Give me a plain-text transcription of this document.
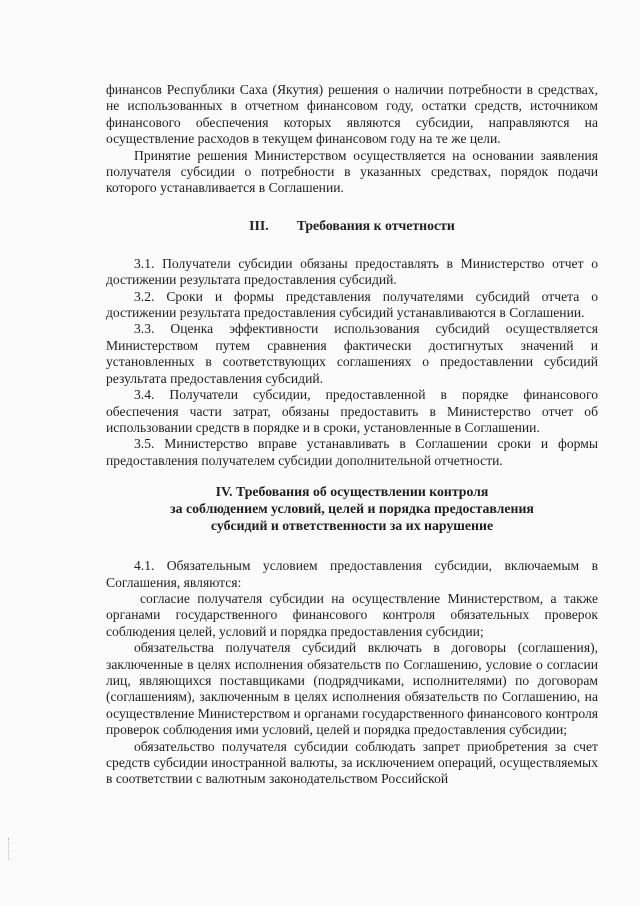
финансов Республики Саха (Якутия) решения о наличии потребности в средствах, не использованных в отчетном финансовом году, остатки средств, источником финансового обеспечения которых являются субсидии, направляются на осуществление расходов в текущем финансовом году на те же цели.

Принятие решения Министерством осуществляется на основании заявления получателя субсидии о потребности в указанных средствах, порядок подачи которого устанавливается в Соглашении.

III. Требования к отчетности

3.1. Получатели субсидии обязаны предоставлять в Министерство отчет о достижении результата предоставления субсидий.

3.2. Сроки и формы представления получателями субсидий отчета о достижении результата предоставления субсидий устанавливаются в Соглашении.

3.3. Оценка эффективности использования субсидий осуществляется Министерством путем сравнения фактически достигнутых значений и установленных в соответствующих соглашениях о предоставлении субсидий результата предоставления субсидий.

3.4. Получатели субсидии, предоставленной в порядке финансового обеспечения части затрат, обязаны предоставить в Министерство отчет об использовании средств в порядке и в сроки, установленные в Соглашении.

3.5. Министерство вправе устанавливать в Соглашении сроки и формы предоставления получателем субсидии дополнительной отчетности.

IV. Требования об осуществлении контроля

за соблюдением условий, целей и порядка предоставления

субсидий и ответственности за их нарушение

4.1. Обязательным условием предоставления субсидии, включаемым в Соглашения, являются:

согласие получателя субсидии на осуществление Министерством, а также органами государственного финансового контроля обязательных проверок соблюдения целей, условий и порядка предоставления субсидии;

обязательства получателя субсидий включать в договоры (соглашения), заключенные в целях исполнения обязательств по Соглашению, условие о согласии лиц, являющихся поставщиками (подрядчиками, исполнителями) по договорам (соглашениям), заключенным в целях исполнения обязательств по Соглашению, на осуществление Министерством и органами государственного финансового контроля проверок соблюдения ими условий, целей и порядка предоставления субсидии;

обязательство получателя субсидии соблюдать запрет приобретения за счет средств субсидии иностранной валюты, за исключением операций, осуществляемых в соответствии с валютным законодательством Российской
